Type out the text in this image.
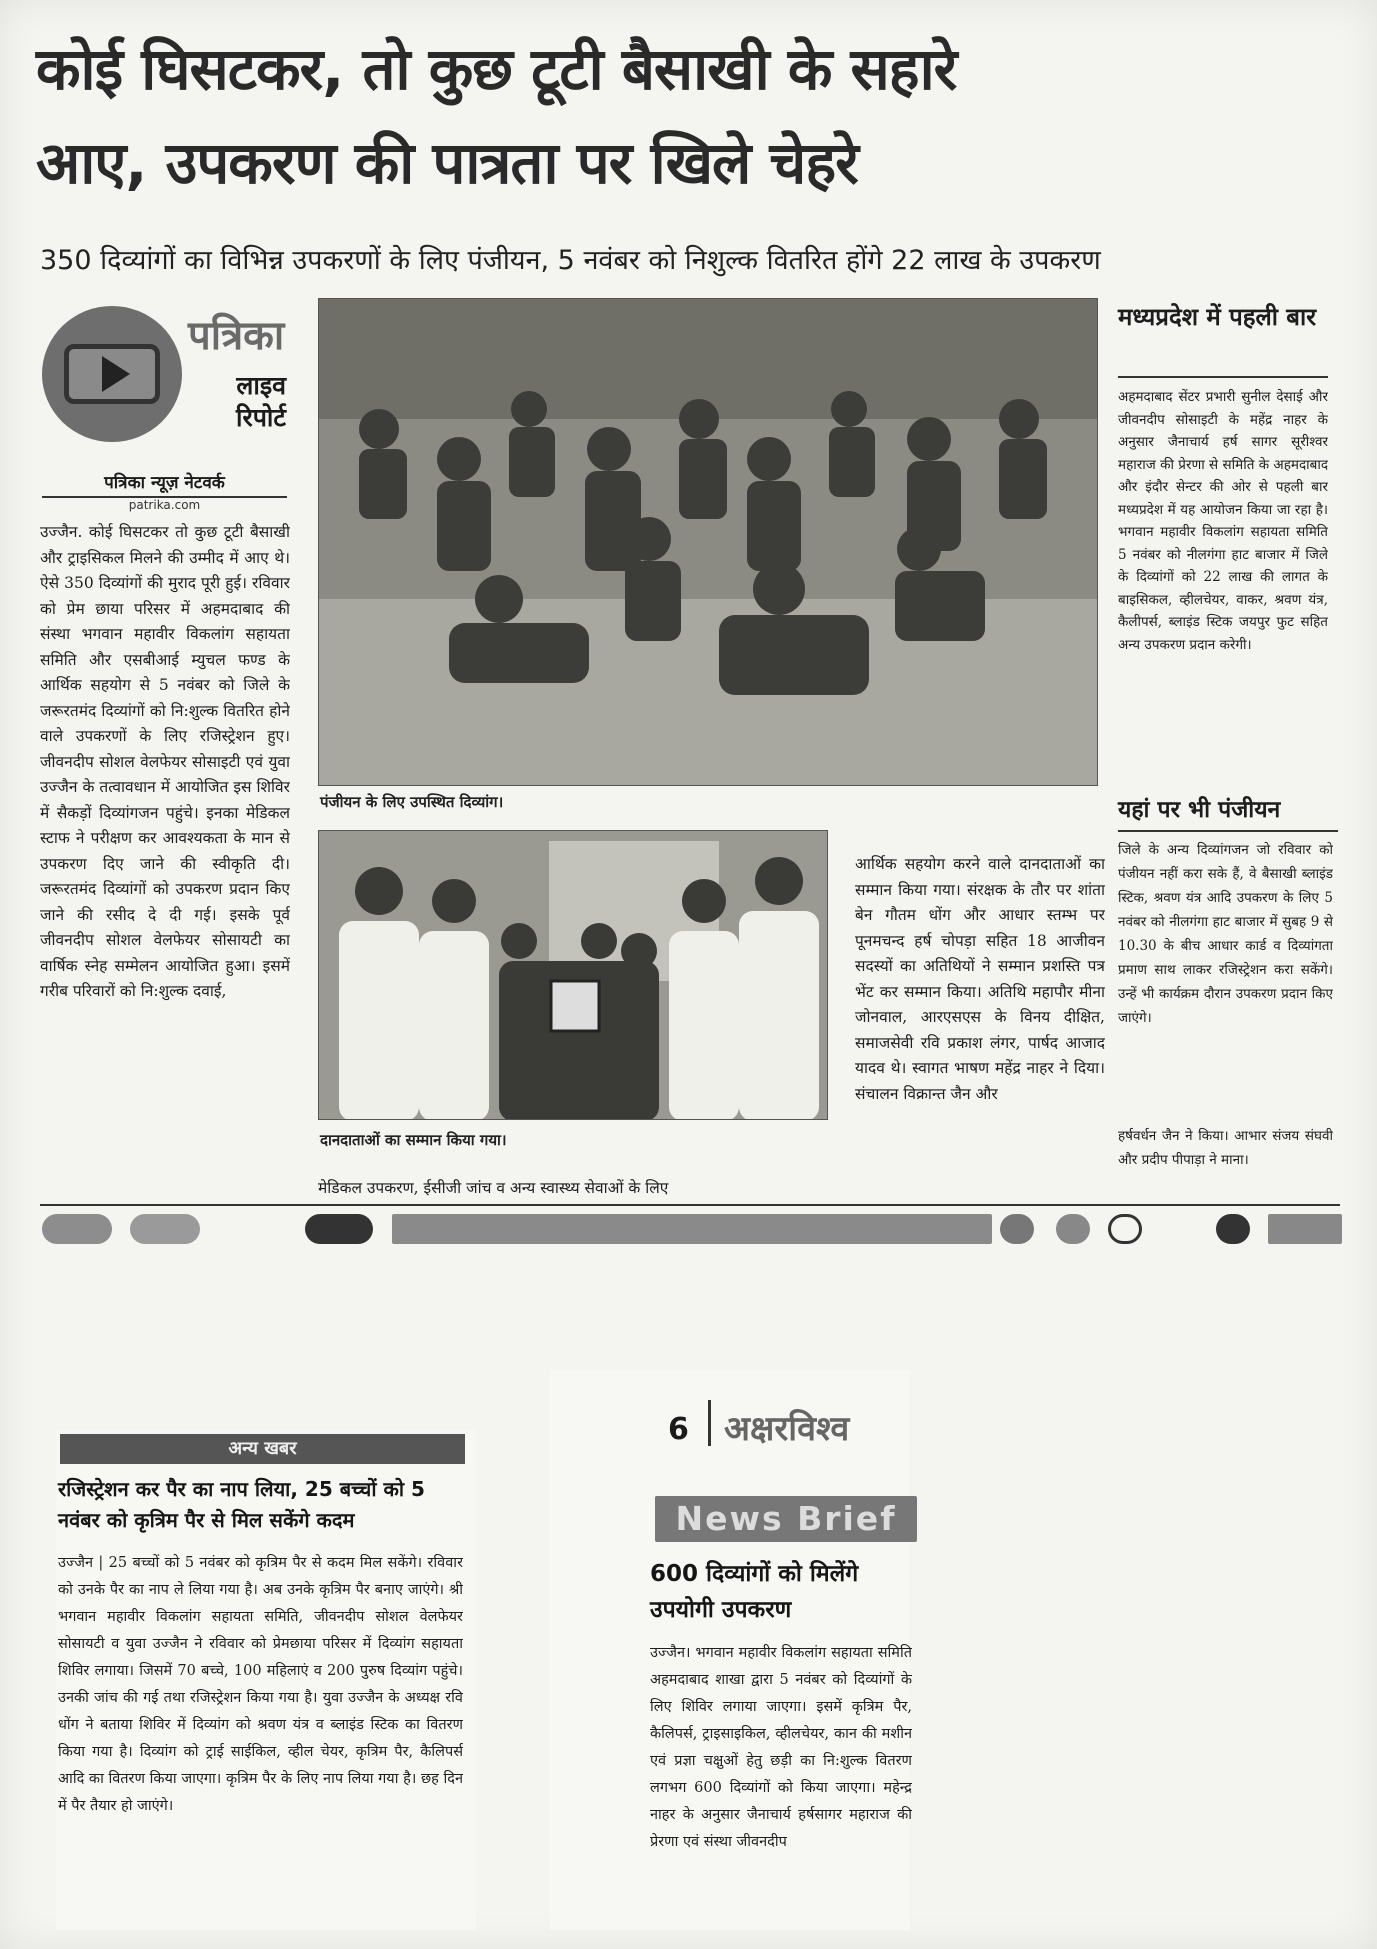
कोई घिसटकर, तो कुछ टूटी बैसाखी के सहारे
आए, उपकरण की पात्रता पर खिले चेहरे
350 दिव्यांगों का विभिन्न उपकरणों के लिए पंजीयन, 5 नवंबर को निशुल्क वितरित होंगे 22 लाख के उपकरण
पत्रिका
लाइव
रिपोर्ट
पत्रिका न्यूज़ नेटवर्क
patrika.com
उज्जैन. कोई घिसटकर तो कुछ टूटी बैसाखी और ट्राइसिकल मिलने की उम्मीद में आए थे। ऐसे 350 दिव्यांगों की मुराद पूरी हुई। रविवार को प्रेम छाया परिसर में अहमदाबाद की संस्था भगवान महावीर विकलांग सहायता समिति और एसबीआई म्युचल फण्ड के आर्थिक सहयोग से 5 नवंबर को जिले के जरूरतमंद दिव्यांगों को नि:शुल्क वितरित होने वाले उपकरणों के लिए रजिस्ट्रेशन हुए। जीवनदीप सोशल वेलफेयर सोसाइटी एवं युवा उज्जैन के तत्वावधान में आयोजित इस शिविर में सैकड़ों दिव्यांगजन पहुंचे। इनका मेडिकल स्टाफ ने परीक्षण कर आवश्यकता के मान से उपकरण दिए जाने की स्वीकृति दी। जरूरतमंद दिव्यांगों को उपकरण प्रदान किए जाने की रसीद दे दी गई। इसके पूर्व जीवनदीप सोशल वेलफेयर सोसायटी का वार्षिक स्नेह सम्मेलन आयोजित हुआ। इसमें गरीब परिवारों को नि:शुल्क दवाई,
पंजीयन के लिए उपस्थित दिव्यांग।
दानदाताओं का सम्मान किया गया।
मेडिकल उपकरण, ईसीजी जांच व अन्य स्वास्थ्य सेवाओं के लिए
आर्थिक सहयोग करने वाले दानदाताओं का सम्मान किया गया। संरक्षक के तौर पर शांता बेन गौतम धोंग और आधार स्तम्भ पर पूनमचन्द हर्ष चोपड़ा सहित 18 आजीवन सदस्यों का अतिथियों ने सम्मान प्रशस्ति पत्र भेंट कर सम्मान किया। अतिथि महापौर मीना जोनवाल, आरएसएस के विनय दीक्षित, समाजसेवी रवि प्रकाश लंगर, पार्षद आजाद यादव थे। स्वागत भाषण महेंद्र नाहर ने दिया। संचालन विक्रान्त जैन और
मध्यप्रदेश में पहली बार
अहमदाबाद सेंटर प्रभारी सुनील देसाई और जीवनदीप सोसाइटी के महेंद्र नाहर के अनुसार जैनाचार्य हर्ष सागर सूरीश्वर महाराज की प्रेरणा से समिति के अहमदाबाद और इंदौर सेन्टर की ओर से पहली बार मध्यप्रदेश में यह आयोजन किया जा रहा है। भगवान महावीर विकलांग सहायता समिति 5 नवंबर को नीलगंगा हाट बाजार में जिले के दिव्यांगों को 22 लाख की लागत के बाइसिकल, व्हीलचेयर, वाकर, श्रवण यंत्र, कैलीपर्स, ब्लाइंड स्टिक जयपुर फुट सहित अन्य उपकरण प्रदान करेगी।
यहां पर भी पंजीयन
जिले के अन्य दिव्यांगजन जो रविवार को पंजीयन नहीं करा सके हैं, वे बैसाखी ब्लाइंड स्टिक, श्रवण यंत्र आदि उपकरण के लिए 5 नवंबर को नीलगंगा हाट बाजार में सुबह 9 से 10.30 के बीच आधार कार्ड व दिव्यांगता प्रमाण साथ लाकर रजिस्ट्रेशन करा सकेंगे। उन्हें भी कार्यक्रम दौरान उपकरण प्रदान किए जाएंगे।
हर्षवर्धन जैन ने किया। आभार संजय संघवी और प्रदीप पीपाड़ा ने माना।
अन्य खबर
रजिस्ट्रेशन कर पैर का नाप लिया, 25 बच्चों को 5 नवंबर को कृत्रिम पैर से मिल सकेंगे कदम
उज्जैन | 25 बच्चों को 5 नवंबर को कृत्रिम पैर से कदम मिल सकेंगे। रविवार को उनके पैर का नाप ले लिया गया है। अब उनके कृत्रिम पैर बनाए जाएंगे। श्री भगवान महावीर विकलांग सहायता समिति, जीवनदीप सोशल वेलफेयर सोसायटी व युवा उज्जैन ने रविवार को प्रेमछाया परिसर में दिव्यांग सहायता शिविर लगाया। जिसमें 70 बच्चे, 100 महिलाएं व 200 पुरुष दिव्यांग पहुंचे। उनकी जांच की गई तथा रजिस्ट्रेशन किया गया है। युवा उज्जैन के अध्यक्ष रवि धोंग ने बताया शिविर में दिव्यांग को श्रवण यंत्र व ब्लाइंड स्टिक का वितरण किया गया है। दिव्यांग को ट्राई साईकिल, व्हील चेयर, कृत्रिम पैर, कैलिपर्स आदि का वितरण किया जाएगा। कृत्रिम पैर के लिए नाप लिया गया है। छह दिन में पैर तैयार हो जाएंगे।
6 अक्षरविश्व
News Brief
600 दिव्यांगों को मिलेंगे उपयोगी उपकरण
उज्जैन। भगवान महावीर विकलांग सहायता समिति अहमदाबाद शाखा द्वारा 5 नवंबर को दिव्यांगों के लिए शिविर लगाया जाएगा। इसमें कृत्रिम पैर, कैलिपर्स, ट्राइसाइकिल, व्हीलचेयर, कान की मशीन एवं प्रज्ञा चक्षुओं हेतु छड़ी का नि:शुल्क वितरण लगभग 600 दिव्यांगों को किया जाएगा। महेन्द्र नाहर के अनुसार जैनाचार्य हर्षसागर महाराज की प्रेरणा एवं संस्था जीवनदीप
